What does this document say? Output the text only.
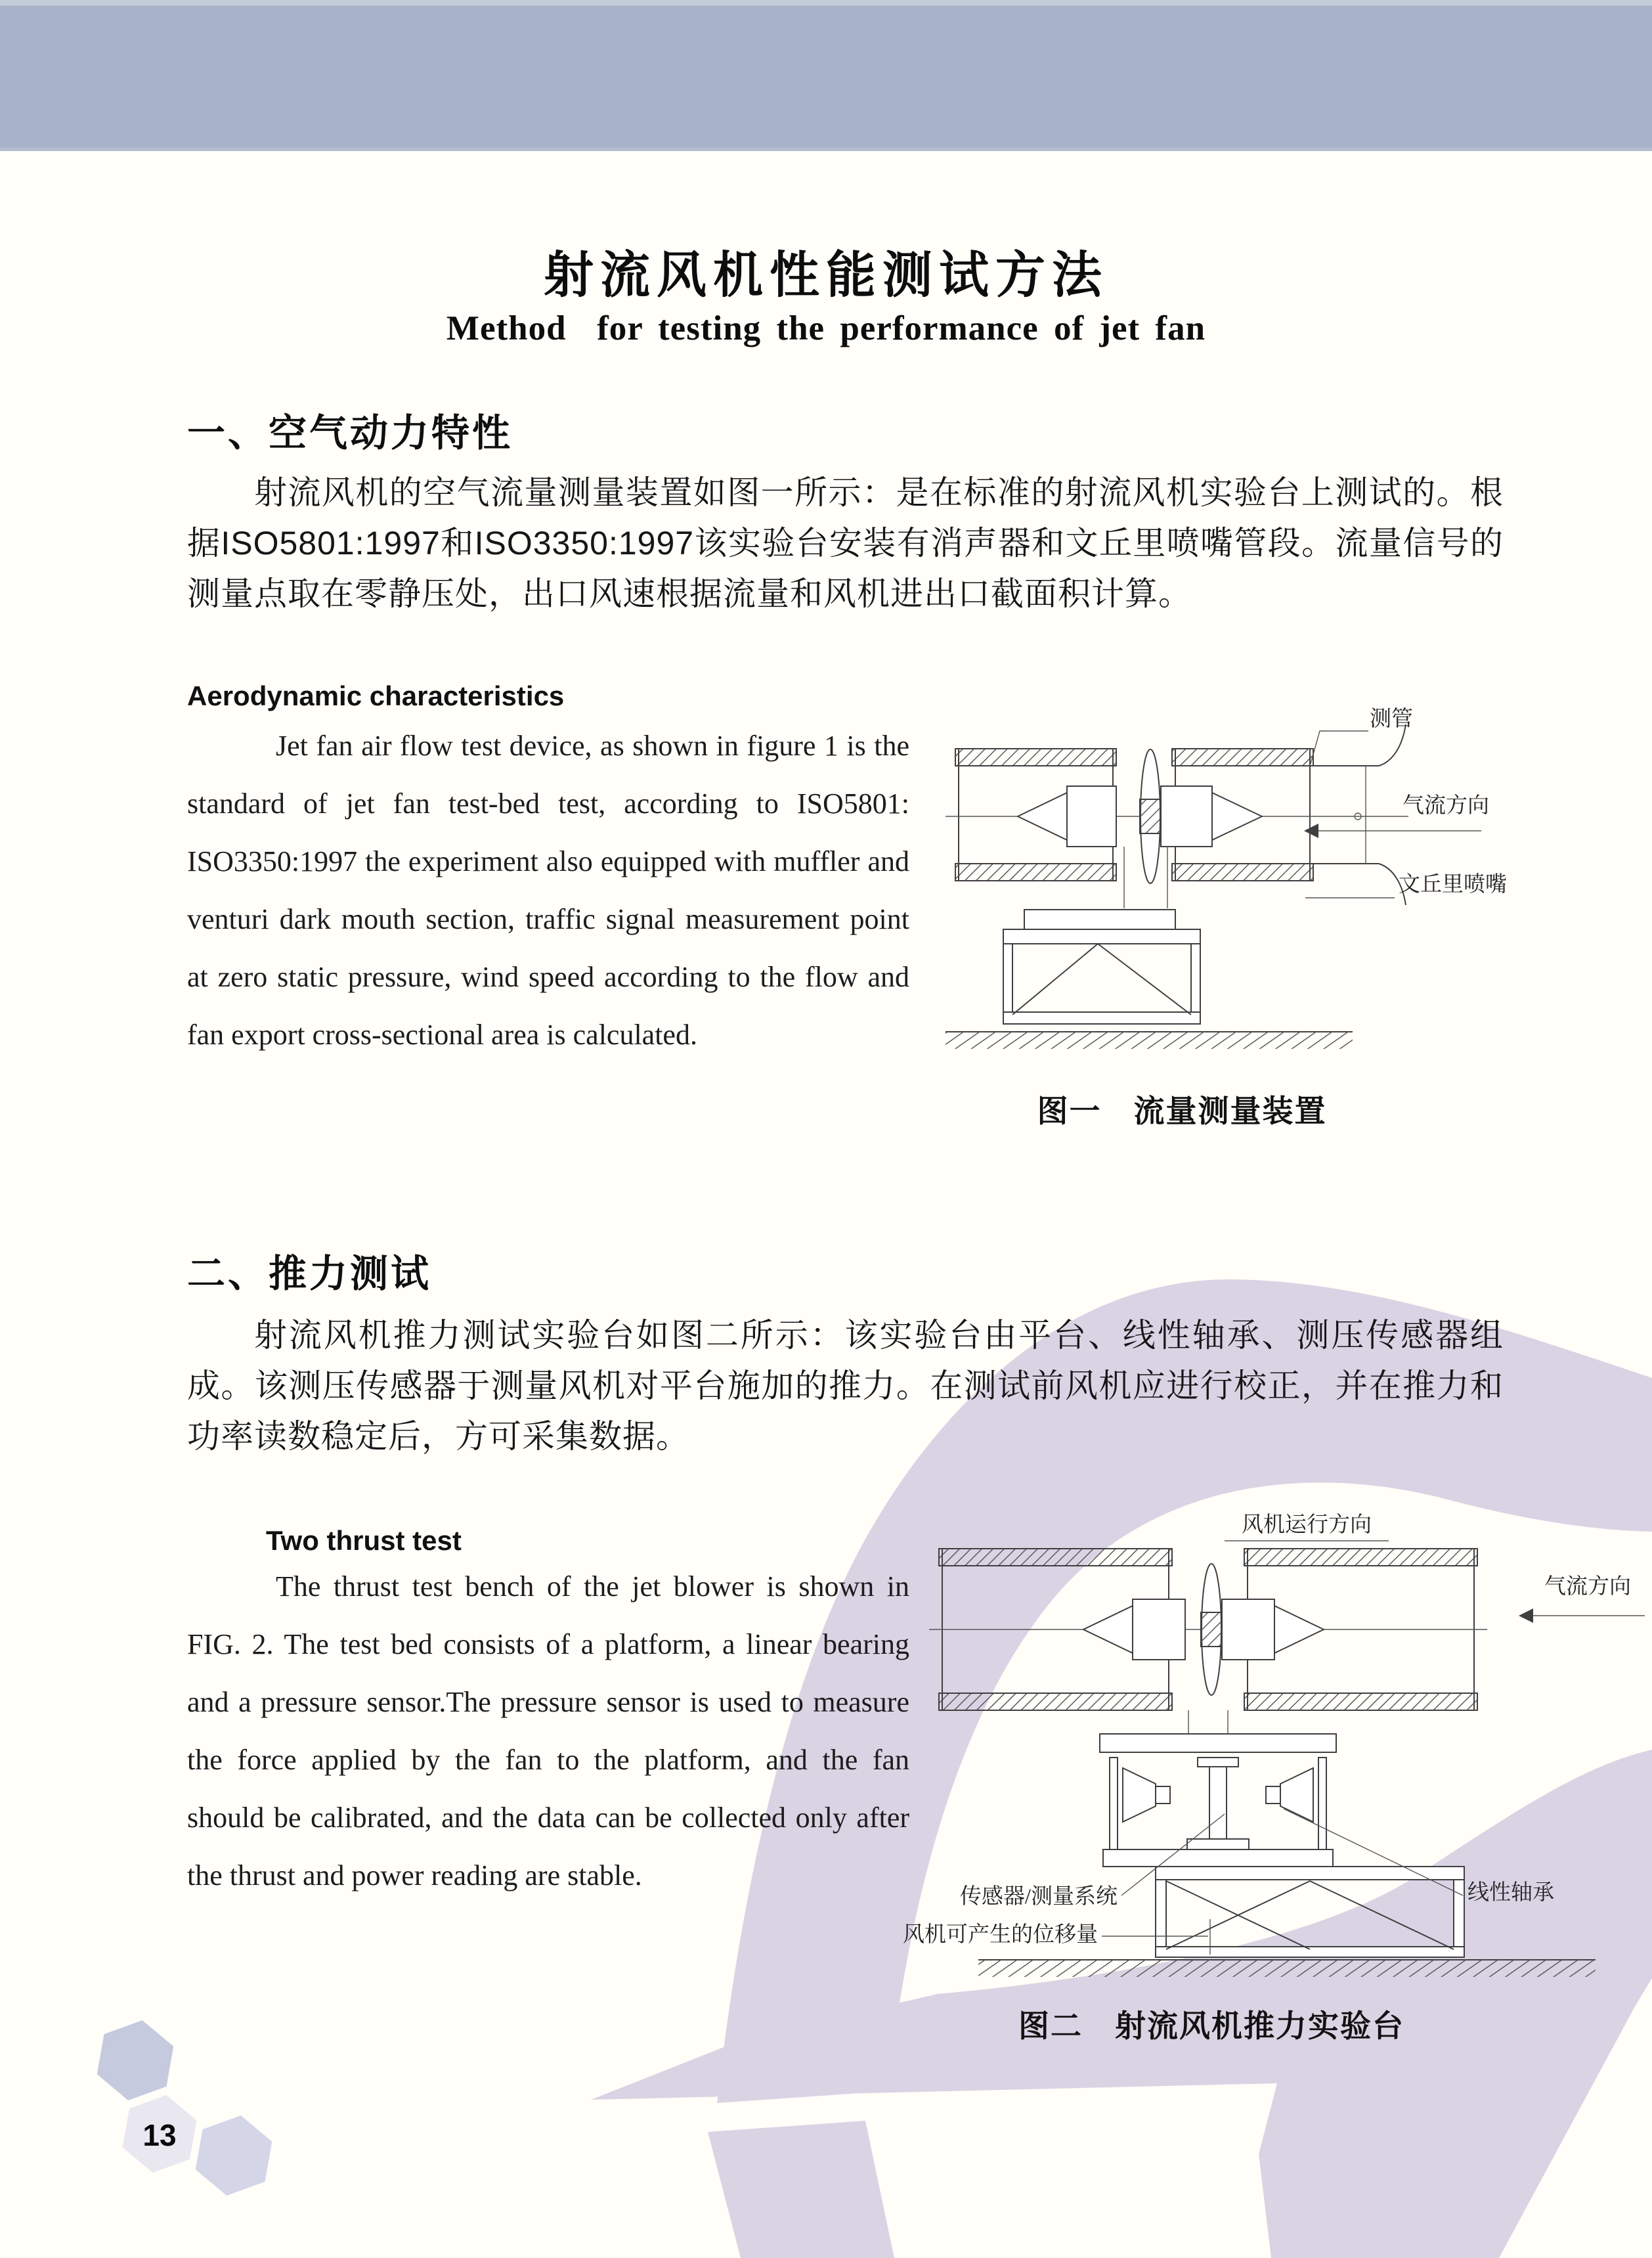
射流风机性能测试方法
Method  for testing the performance of jet fan
一、空气动力特性
射流风机的空气流量测量装置如图一所示：是在标准的射流风机实验台上测试的。根据ISO5801:1997和ISO3350:1997该实验台安装有消声器和文丘里喷嘴管段。流量信号的测量点取在零静压处，出口风速根据流量和风机进出口截面积计算。
Aerodynamic characteristics
Jet fan air flow test device, as shown in figure 1 is the standard of jet fan test-bed test, according to ISO5801: ISO3350:1997 the experiment also equipped with muffler and venturi dark mouth section, traffic signal measurement point at zero static pressure, wind speed according to the flow and fan export cross-sectional area is calculated.
测管
气流方向
文丘里喷嘴
图一　流量测量装置
二、推力测试
射流风机推力测试实验台如图二所示：该实验台由平台、线性轴承、测压传感器组成。该测压传感器于测量风机对平台施加的推力。在测试前风机应进行校正，并在推力和功率读数稳定后，方可采集数据。
Two thrust test
The thrust test bench of the jet blower is shown in FIG. 2. The test bed consists of a platform, a linear bearing and a pressure sensor.The pressure sensor is used to measure the force applied by the fan to the platform, and the fan should be calibrated, and the data can be collected only after the thrust and power reading are stable.
风机运行方向
气流方向
传感器/测量系统	线性轴承
风机可产生的位移量
图二　射流风机推力实验台
13
